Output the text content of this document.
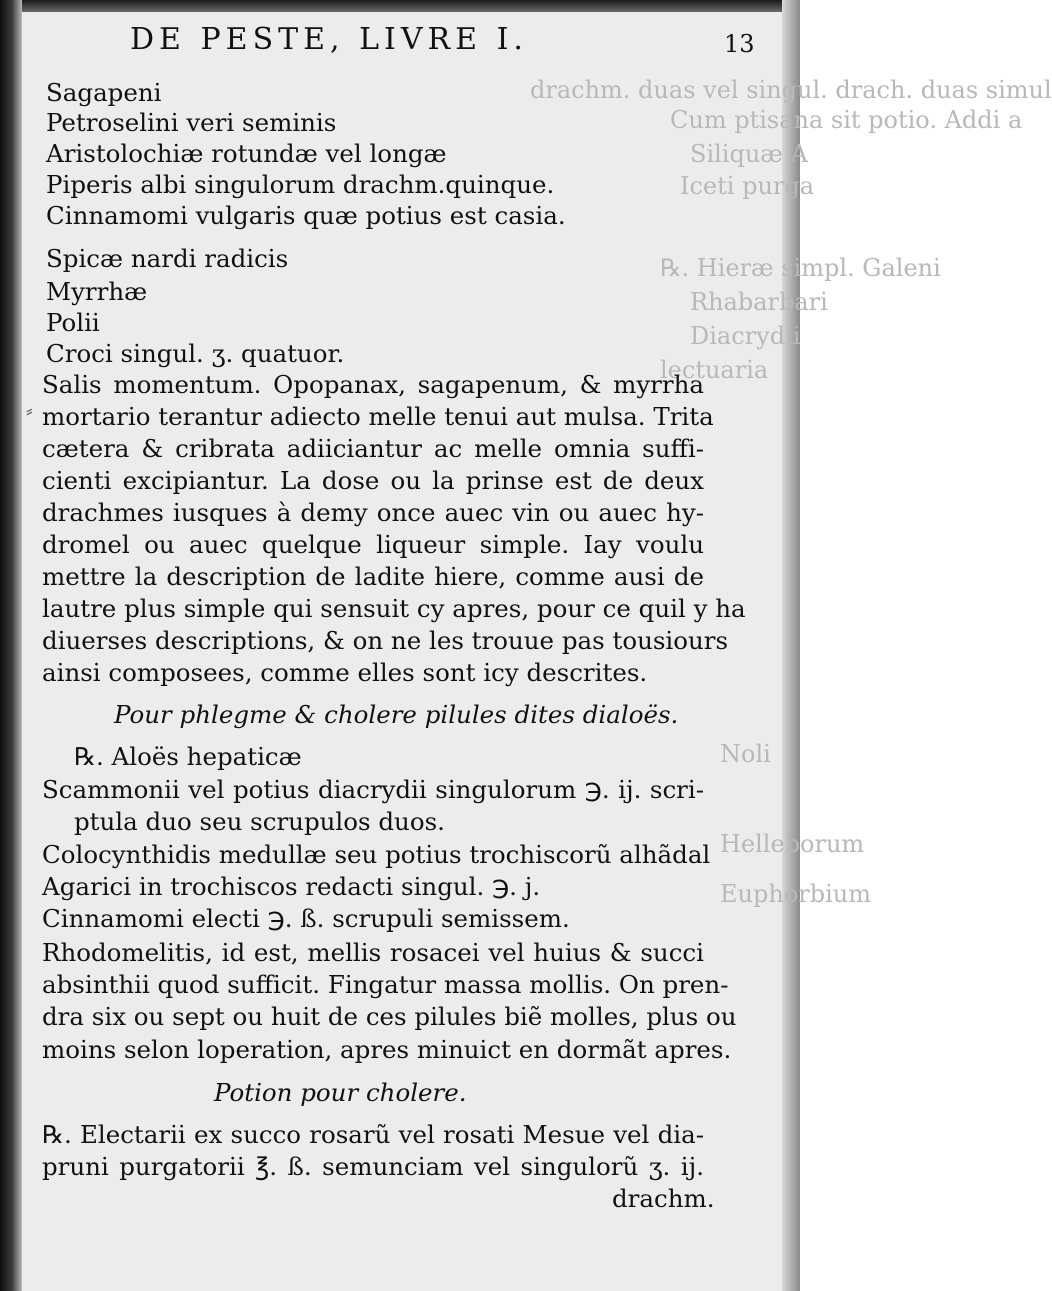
drachm. duas vel singul. drach. duas simul
Cum ptisana sit potio. Addi a
Siliquæ A
Iceti purga
℞. Hieræ simpl. Galeni
Rhabarbari
Diacrydii
lectuaria
Noli
Helleborum
Euphorbium
DE PESTE, LIVRE I.	13
Sagapeni
Petroselini veri seminis
Aristolochiæ rotundæ vel longæ
Piperis albi singulorum drachm.quinque.
Cinnamomi vulgaris quæ potius est casia.
Spicæ nardi radicis
Myrrhæ
Polii
Croci singul. ʒ. quatuor.
Salis momentum. Opopanax, sagapenum, & myrrha
⸗ mortario terantur adiecto melle tenui aut mulsa. Trita
cætera & cribrata adiiciantur ac melle omnia suffi-
cienti excipiantur. La dose ou la prinse est de deux
drachmes iusques à demy once auec vin ou auec hy-
dromel ou auec quelque liqueur simple. Iay voulu
mettre la description de ladite hiere, comme ausi de
lautre plus simple qui sensuit cy apres, pour ce quil y ha
diuerses descriptions, & on ne les trouue pas tousiours
ainsi composees, comme elles sont icy descrites.
Pour phlegme & cholere pilules dites dialoës.
℞. Aloës hepaticæ
Scammonii vel potius diacrydii singulorum ℈. ij. scri-
ptula duo seu scrupulos duos.
Colocynthidis medullæ seu potius trochiscorũ alhãdal
Agarici in trochiscos redacti singul. ℈. j.
Cinnamomi electi ℈. ß. scrupuli semissem.
Rhodomelitis, id est, mellis rosacei vel huius & succi
absinthii quod sufficit. Fingatur massa mollis. On pren-
dra six ou sept ou huit de ces pilules biẽ molles, plus ou
moins selon loperation, apres minuict en dormãt apres.
Potion pour cholere.
℞. Electarii ex succo rosarũ vel rosati Mesue vel dia-
pruni purgatorii ℥. ß. semunciam vel singulorũ ʒ. ij.
drachm.
